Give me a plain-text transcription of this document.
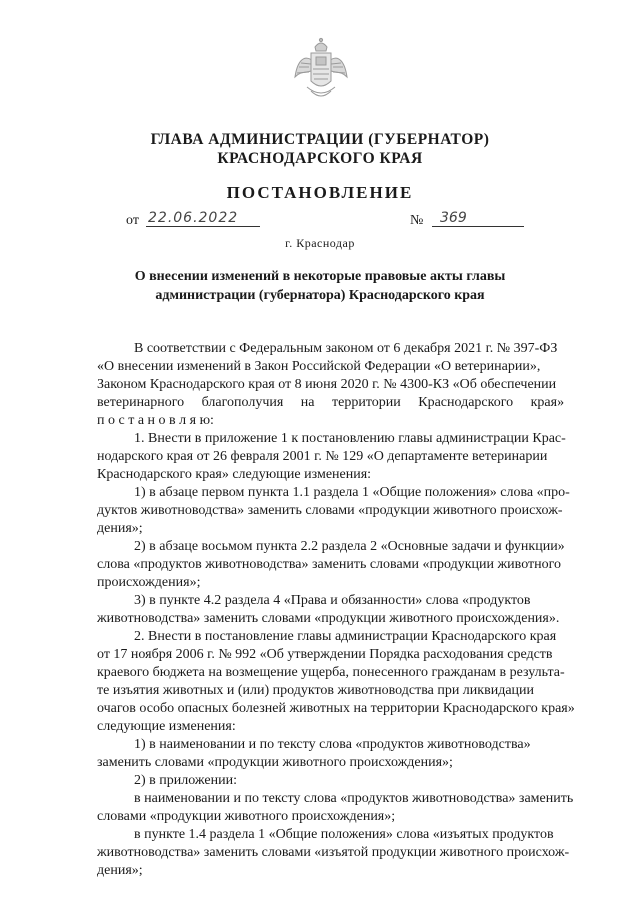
ГЛАВА АДМИНИСТРАЦИИ (ГУБЕРНАТОР)
КРАСНОДАРСКОГО КРАЯ
ПОСТАНОВЛЕНИЕ
от 22.06.2022	№	369
г. Краснодар
О внесении изменений в некоторые правовые акты главы
администрации (губернатора) Краснодарского края

В соответствии с Федеральным законом от 6 декабря 2021 г. № 397-ФЗ

«О внесении изменений в Закон Российской Федерации «О ветеринарии»,

Законом Краснодарского края от 8 июня 2020 г. № 4300-КЗ «Об обеспечении

ветеринарного благополучия на территории Краснодарского края»

п о с т а н о в л я ю:

1. Внести в приложение 1 к постановлению главы администрации Крас-

нодарского края от 26 февраля 2001 г. № 129 «О департаменте ветеринарии

Краснодарского края» следующие изменения:

1) в абзаце первом пункта 1.1 раздела 1 «Общие положения» слова «про-

дуктов животноводства» заменить словами «продукции животного происхож-

дения»;

2) в абзаце восьмом пункта 2.2 раздела 2 «Основные задачи и функции»

слова «продуктов животноводства» заменить словами «продукции животного

происхождения»;

3) в пункте 4.2 раздела 4 «Права и обязанности» слова «продуктов

животноводства» заменить словами «продукции животного происхождения».

2. Внести в постановление главы администрации Краснодарского края

от 17 ноября 2006 г. № 992 «Об утверждении Порядка расходования средств

краевого бюджета на возмещение ущерба, понесенного гражданам в результа-

те изъятия животных и (или) продуктов животноводства при ликвидации

очагов особо опасных болезней животных на территории Краснодарского края»

следующие изменения:

1) в наименовании и по тексту слова «продуктов животноводства»

заменить словами «продукции животного происхождения»;

2) в приложении:

в наименовании и по тексту слова «продуктов животноводства» заменить

словами «продукции животного происхождения»;

в пункте 1.4 раздела 1 «Общие положения» слова «изъятых продуктов

животноводства» заменить словами «изъятой продукции животного происхож-

дения»;
